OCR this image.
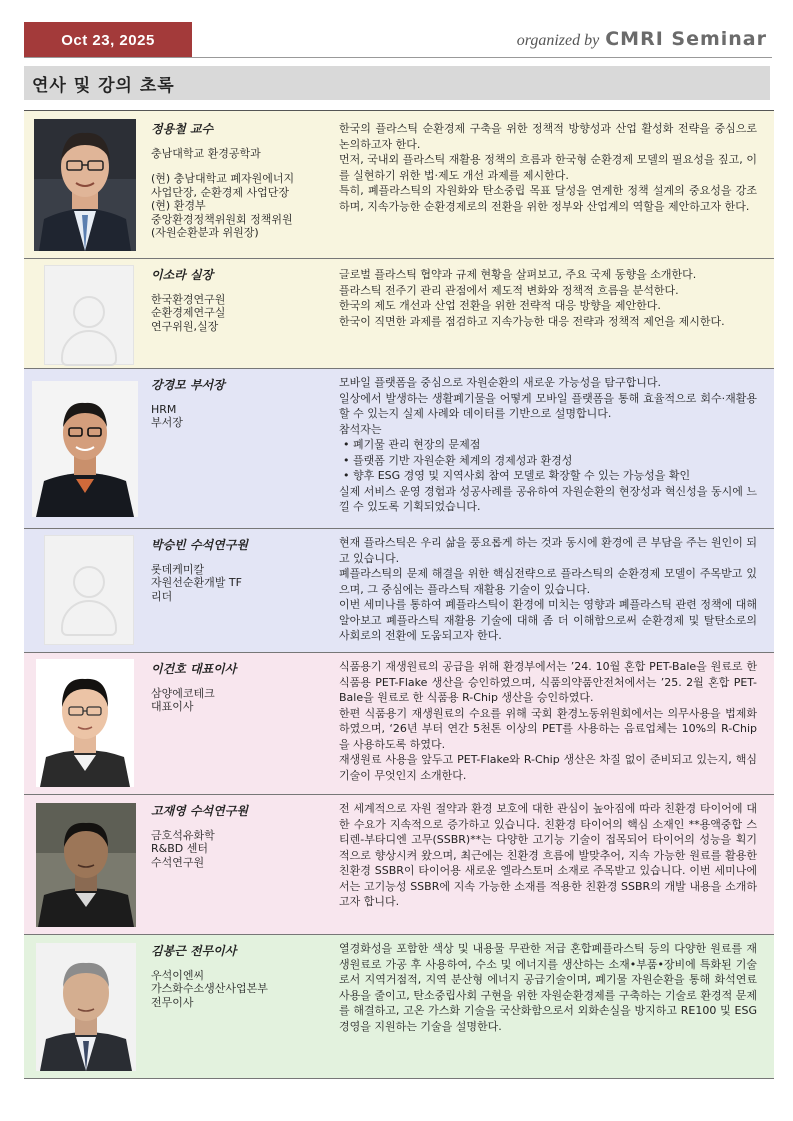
Oct 23, 2025	organized by CMRI Seminar
연사 및 강의 초록
정용철 교수
충남대학교 환경공학과
(현) 충남대학교 폐자원에너지
사업단장, 순환경제 사업단장
(현) 환경부
중앙환경정책위원회 정책위원
(자원순환분과 위원장)
한국의 플라스틱 순환경제 구축을 위한 정책적 방향성과 산업 활성화 전략을 중심으로 논의하고자 한다.
먼저, 국내외 플라스틱 재활용 정책의 흐름과 한국형 순환경제 모델의 필요성을 짚고, 이를 실현하기 위한 법·제도 개선 과제를 제시한다.
특히, 폐플라스틱의 자원화와 탄소중립 목표 달성을 연계한 정책 설계의 중요성을 강조하며, 지속가능한 순환경제로의 전환을 위한 정부와 산업계의 역할을 제안하고자 한다.
이소라 실장
한국환경연구원
순환경제연구실
연구위원,실장
글로벌 플라스틱 협약과 규제 현황을 살펴보고, 주요 국제 동향을 소개한다.
플라스틱 전주기 관리 관점에서 제도적 변화와 정책적 흐름을 분석한다.
한국의 제도 개선과 산업 전환을 위한 전략적 대응 방향을 제안한다.
한국이 직면한 과제를 점검하고 지속가능한 대응 전략과 정책적 제언을 제시한다.
강경모 부서장
HRM
부서장
모바일 플랫폼을 중심으로 자원순환의 새로운 가능성을 탐구합니다.
일상에서 발생하는 생활폐기물을 어떻게 모바일 플랫폼을 통해 효율적으로 회수·재활용할 수 있는지 실제 사례와 데이터를 기반으로 설명합니다.
참석자는
• 폐기물 관리 현장의 문제점
• 플랫폼 기반 자원순환 체계의 경제성과 환경성
• 향후 ESG 경영 및 지역사회 참여 모델로 확장할 수 있는 가능성을 확인
실제 서비스 운영 경험과 성공사례를 공유하여 자원순환의 현장성과 혁신성을 동시에 느낄 수 있도록 기획되었습니다.
박승빈 수석연구원
롯데케미칼
자원선순환개발 TF
리더
현재 플라스틱은 우리 삶을 풍요롭게 하는 것과 동시에 환경에 큰 부담을 주는 원인이 되고 있습니다.
폐플라스틱의 문제 해결을 위한 핵심전략으로 플라스틱의 순환경제 모델이 주목받고 있으며, 그 중심에는 플라스틱 재활용 기술이 있습니다.
이번 세미나를 통하여 폐플라스틱이 환경에 미치는 영향과 폐플라스틱 관련 정책에 대해 알아보고 폐플라스틱 재활용 기술에 대해 좀 더 이해함으로써 순환경제 및 탈탄소로의 사회로의 전환에 도움되고자 한다.
이건호 대표이사
삼양에코테크
대표이사
식품용기 재생원료의 공급을 위해 환경부에서는 ’24. 10월 혼합 PET-Bale을 원료로 한 식품용 PET-Flake 생산을 승인하였으며, 식품의약품안전처에서는 ’25. 2월 혼합 PET-Bale을 원료로 한 식품용 R-Chip 생산을 승인하였다.
한편 식품용기 재생원료의 수요를 위해 국회 환경노동위원회에서는 의무사용을 법제화하였으며, ‘26년 부터 연간 5천톤 이상의 PET를 사용하는 음료업체는 10%의 R-Chip을 사용하도록 하였다.
재생원료 사용을 앞두고 PET-Flake와 R-Chip 생산은 차질 없이 준비되고 있는지, 핵심 기술이 무엇인지 소개한다.
고재영 수석연구원
금호석유화학
R&BD 센터
수석연구원
전 세계적으로 자원 절약과 환경 보호에 대한 관심이 높아짐에 따라 친환경 타이어에 대한 수요가 지속적으로 증가하고 있습니다. 친환경 타이어의 핵심 소재인 **용액중합 스티렌-부타디엔 고무(SSBR)**는 다양한 고기능 기술이 접목되어 타이어의 성능을 획기적으로 향상시켜 왔으며, 최근에는 친환경 흐름에 발맞추어, 지속 가능한 원료를 활용한 친환경 SSBR이 타이어용 새로운 엘라스토머 소재로 주목받고 있습니다. 이번 세미나에서는 고기능성 SSBR에 지속 가능한 소재를 적용한 친환경 SSBR의 개발 내용을 소개하고자 합니다.
김봉근 전무이사
우석이엔씨
가스화수소생산사업본부
전무이사
열경화성을 포함한 색상 및 내용물 무관한 저급 혼합폐플라스틱 등의 다양한 원료를 재생원료로 가공 후 사용하여, 수소 및 에너지를 생산하는 소재•부품•장비에 특화된 기술로서 지역거점적, 지역 분산형 에너지 공급기술이며, 폐기물 자원순환을 통해 화석연료 사용을 줄이고, 탄소중립사회 구현을 위한 자원순환경제를 구축하는 기술로 환경적 문제를 해결하고, 고온 가스화 기술을 국산화함으로서 외화손실을 방지하고 RE100 및 ESG 경영을 지원하는 기술을 설명한다.
